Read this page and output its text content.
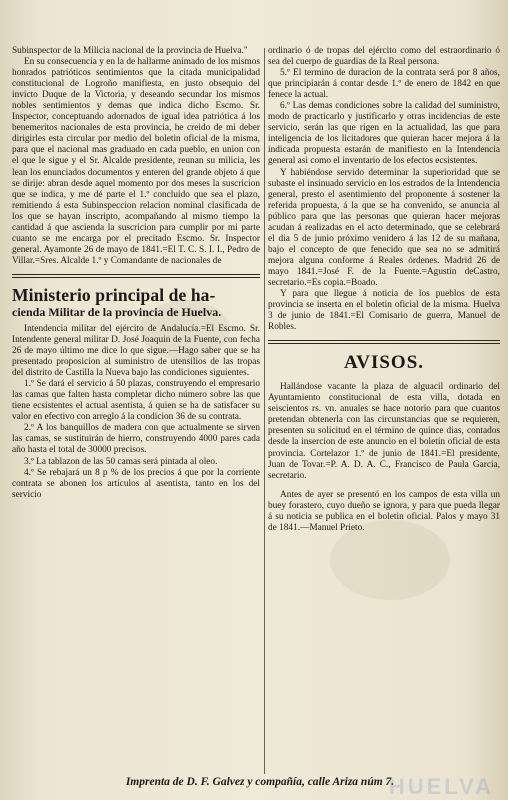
Subinspector de la Milicia nacional de la provincia de Huelva."

En su consecuencia y en la de hallarme animado de los mismos honrados patrióticos sentimientos que la citada municipalidad constitucional de Logroño manifiesta, en justo obsequio del invicto Duque de la Victoria, y deseando secundar los mismos nobles sentimientos y demas que indica dicho Escmo. Sr. Inspector, conceptuando adornados de igual idea patriótica á los benemeritos nacionales de esta provincia, he creido de mi deber dirigirles esta circular por medio del boletin oficial de la misma, para que el nacional mas graduado en cada pueblo, en union con el que le sigue y el Sr. Alcalde presidente, reunan su milicia, les lean los enunciados documentos y enteren del grande objeto á que se dirije: abran desde aquel momento por dos meses la suscricion que se indica, y me dé parte el 1.º concluido que sea el plazo, remitiendo á esta Subinspeccion relacion nominal clasificada de los que se hayan inscripto, acompañando al mismo tiempo la cantidad á que ascienda la suscricion para cumplir por mi parte cuanto se me encarga por el precitado Escmo. Sr. Inspector general. Ayamonte 26 de mayo de 1841.=El T. C. S. I. I., Pedro de Villar.=Sres. Alcalde 1.º y Comandante de nacionales de

Ministerio principal de ha-
cienda Militar de la provincia de Huelva.

Intendencia militar del ejército de Andalucía.=El Escmo. Sr. Intendente general militar D. José Joaquin de la Fuente, con fecha 26 de mayo último me dice lo que sigue.—Hago saber que se ha presentado proposicion al suministro de utensilios de las tropas del distrito de Castilla la Nueva bajo las condiciones siguientes.

1.º Se dará el servicio á 50 plazas, construyendo el empresario las camas que falten hasta completar dicho número sobre las que tiene ecsistentes el actual asentista, á quien se ha de satisfacer su valor en efectivo con arreglo á la condicion 36 de su contrata.

2.º A los banquillos de madera con que actualmente se sirven las camas, se sustituirán de hierro, construyendo 4000 pares cada año hasta el total de 30000 precisos.

3.º La tablazon de las 50 camas será pintada al oleo.

4.º Se rebajará un 8 p % de los precios á que por la corriente contrata se abonen los artículos al asentista, tanto en los del servicio

ordinario ó de tropas del ejército como del estraordinario ó sea del cuerpo de guardias de la Real persona.

5.º El termino de duracion de la contrata será por 8 años, que principiarán á contar desde 1.º de enero de 1842 en que fenece la actual.

6.º Las demas condiciones sobre la calidad del suministro, modo de practicarlo y justificarlo y otras incidencias de este servicio, serán las que rigen en la actualidad, las que para inteligencia de los licitadores que quieran hacer mejora á la indicada propuesta estarán de manifiesto en la Intendencia general asi como el inventario de los efectos ecsistentes.

Y habiéndose servido determinar la superioridad que se subaste el insinuado servicio en los estrados de la Intendencia general, presto el asentimiento del proponente á sostener la referida propuesta, á la que se ha convenido, se anuncia al público para que las personas que quieran hacer mejoras acudan á realizadas en el acto determinado, que se celebrará el dia 5 de junio próximo venidero á las 12 de su mañana, bajo el concepto de que fenecido que sea no se admitirá mejora alguna conforme á Reales órdenes. Madrid 26 de mayo 1841.=José F. de la Fuente.=Agustin deCastro, secretario.=Es copia.=Boado.

Y para que llegue á noticia de los pueblos de esta provincia se inserta en el boletin oficial de la misma. Huelva 3 de junio de 1841.=El Comisario de guerra, Manuel de Robles.

AVISOS.

Hallándose vacante la plaza de alguacil ordinario del Ayuntamiento constitucional de esta villa, dotada en seiscientos rs. vn. anuales se hace notorio para que cuantos pretendan obtenerla con las circunstancias que se requieren, presenten su solicitud en el término de quince dias, contados desde la insercion de este anuncio en el boletin oficial de esta provincia. Cortelazor 1.º de junio de 1841.=El presidente, Juan de Tovar.=P. A. D. A. C., Francisco de Paula Garcia, secretario.

Antes de ayer se presentó en los campos de esta villa un buey forastero, cuyo dueño se ignora, y para que pueda llegar á su noticia se publica en el boletin oficial. Palos y mayo 31 de 1841.—Manuel Prieto.

Imprenta de D. F. Galvez y compañía, calle Ariza núm 7.
HUELVA
